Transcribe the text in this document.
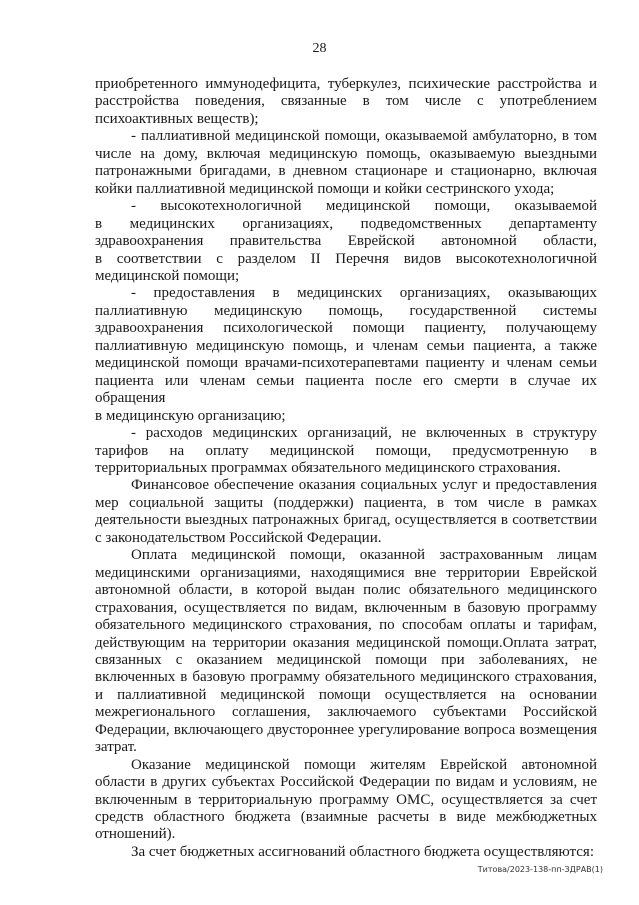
28

приобретенного иммунодефицита, туберкулез, психические расстройства и

расстройства поведения, связанные в том числе с употреблением

психоактивных веществ);

- паллиативной медицинской помощи, оказываемой амбулаторно, в том

числе на дому, включая медицинскую помощь, оказываемую выездными

патронажными бригадами, в дневном стационаре и стационарно, включая

койки паллиативной медицинской помощи и койки сестринского ухода;

- высокотехнологичной медицинской помощи, оказываемой

в медицинских организациях, подведомственных департаменту

здравоохранения правительства Еврейской автономной области,

в соответствии с разделом II Перечня видов высокотехнологичной

медицинской помощи;

- предоставления в медицинских организациях, оказывающих

паллиативную медицинскую помощь, государственной системы

здравоохранения психологической помощи пациенту, получающему

паллиативную медицинскую помощь, и членам семьи пациента, а также

медицинской помощи врачами-психотерапевтами пациенту и членам семьи

пациента или членам семьи пациента после его смерти в случае их обращения

в медицинскую организацию;

- расходов медицинских организаций, не включенных в структуру

тарифов на оплату медицинской помощи, предусмотренную в

территориальных программах обязательного медицинского страхования.

Финансовое обеспечение оказания социальных услуг и предоставления

мер социальной защиты (поддержки) пациента, в том числе в рамках

деятельности выездных патронажных бригад, осуществляется в соответствии

с законодательством Российской Федерации.

Оплата медицинской помощи, оказанной застрахованным лицам

медицинскими организациями, находящимися вне территории Еврейской

автономной области, в которой выдан полис обязательного медицинского

страхования, осуществляется по видам, включенным в базовую программу

обязательного медицинского страхования, по способам оплаты и тарифам,

действующим на территории оказания медицинской помощи.Оплата затрат,

связанных с оказанием медицинской помощи при заболеваниях, не

включенных в базовую программу обязательного медицинского страхования,

и паллиативной медицинской помощи осуществляется на основании

межрегионального соглашения, заключаемого субъектами Российской

Федерации, включающего двустороннее урегулирование вопроса возмещения

затрат.

Оказание медицинской помощи жителям Еврейской автономной

области в других субъектах Российской Федерации по видам и условиям, не

включенным в территориальную программу ОМС, осуществляется за счет

средств областного бюджета (взаимные расчеты в виде межбюджетных

отношений).

За счет бюджетных ассигнований областного бюджета осуществляются:

Титова/2023-138-пп-ЗДРАВ(1)
